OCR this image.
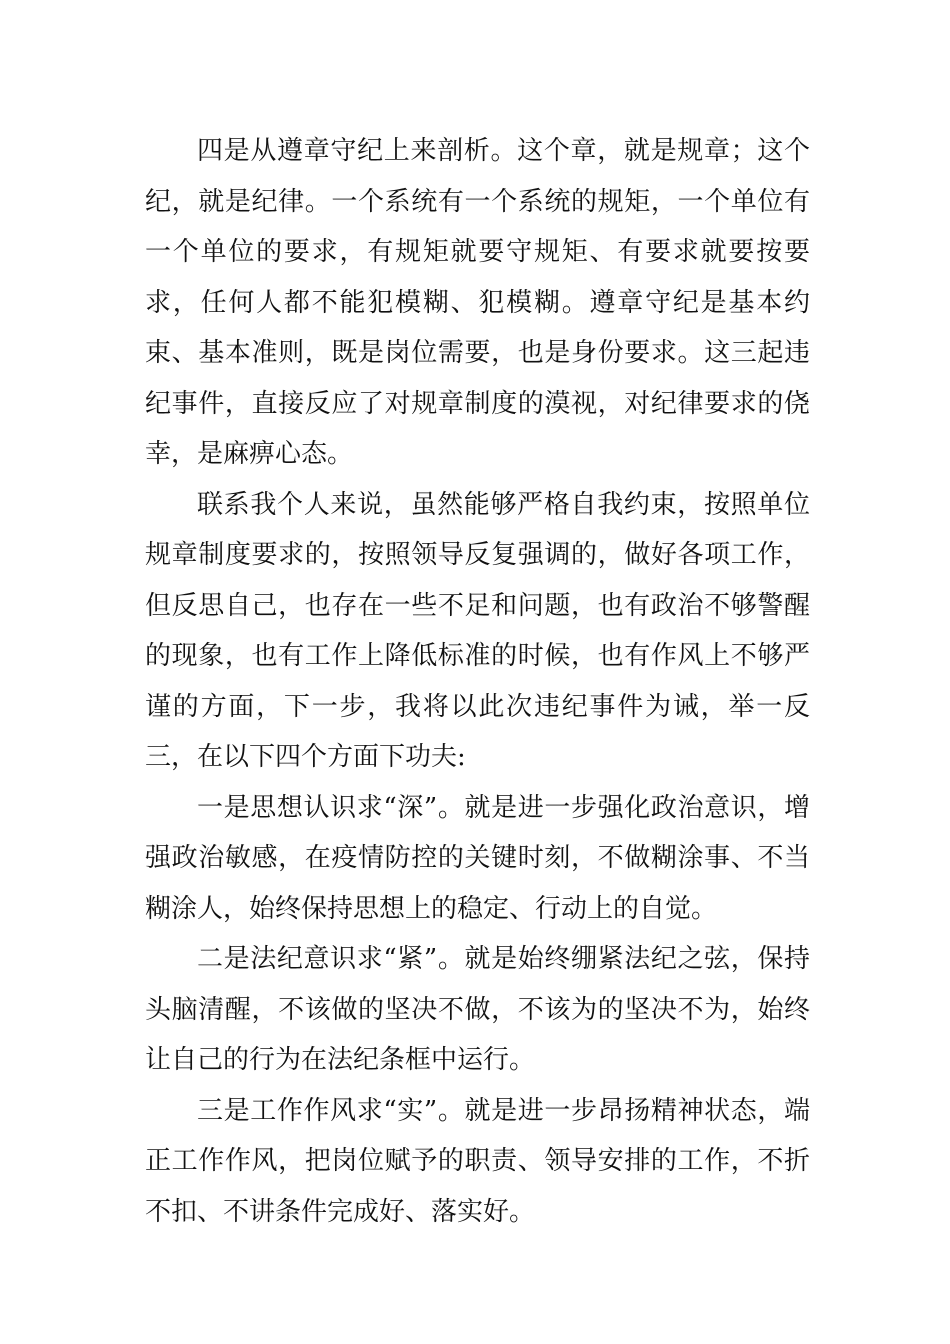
四是从遵章守纪上来剖析。这个章，就是规章；这个纪，就是纪律。一个系统有一个系统的规矩，一个单位有一个单位的要求，有规矩就要守规矩、有要求就要按要求，任何人都不能犯模糊、犯模糊。遵章守纪是基本约束、基本准则，既是岗位需要，也是身份要求。这三起违纪事件，直接反应了对规章制度的漠视，对纪律要求的侥幸，是麻痹心态。

联系我个人来说，虽然能够严格自我约束，按照单位规章制度要求的，按照领导反复强调的，做好各项工作，但反思自己，也存在一些不足和问题，也有政治不够警醒的现象，也有工作上降低标准的时候，也有作风上不够严谨的方面，下一步，我将以此次违纪事件为诫，举一反三，在以下四个方面下功夫:

一是思想认识求“深”。就是进一步强化政治意识，增强政治敏感，在疫情防控的关键时刻，不做糊涂事、不当糊涂人，始终保持思想上的稳定、行动上的自觉。

二是法纪意识求“紧”。就是始终绷紧法纪之弦，保持头脑清醒，不该做的坚决不做，不该为的坚决不为，始终让自己的行为在法纪条框中运行。

三是工作作风求“实”。就是进一步昂扬精神状态，端正工作作风，把岗位赋予的职责、领导安排的工作，不折不扣、不讲条件完成好、落实好。
